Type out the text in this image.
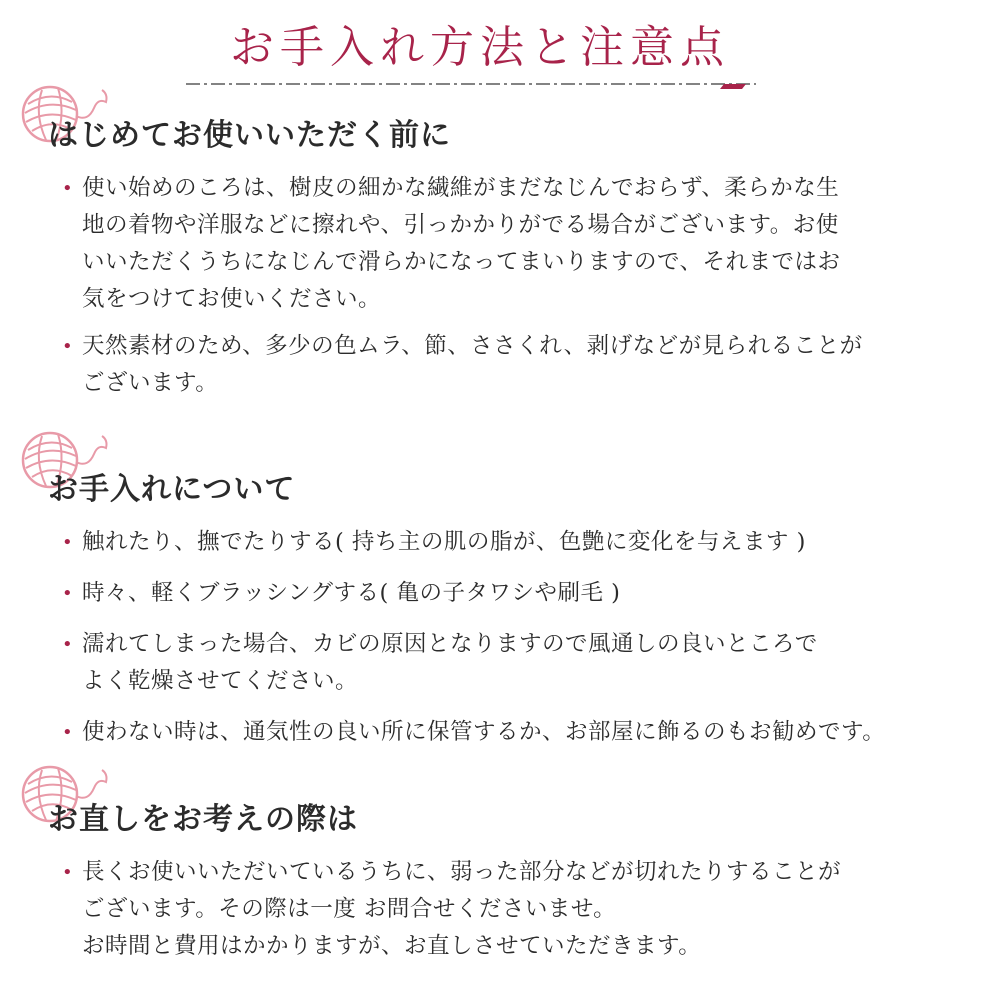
お手入れ方法と注意点
はじめてお使いいただく前に
• 使い始めのころは、樹皮の細かな繊維がまだなじんでおらず、柔らかな生
地の着物や洋服などに擦れや、引っかかりがでる場合がございます。お使
いいただくうちになじんで滑らかになってまいりますので、それまではお
気をつけてお使いください。
• 天然素材のため、多少の色ムラ、節、ささくれ、剥げなどが見られることが
ございます。
お手入れについて
• 触れたり、撫でたりする( 持ち主の肌の脂が、色艶に変化を与えます )
• 時々、軽くブラッシングする( 亀の子タワシや刷毛 )
• 濡れてしまった場合、カビの原因となりますので風通しの良いところで
よく乾燥させてください。
• 使わない時は、通気性の良い所に保管するか、お部屋に飾るのもお勧めです。
お直しをお考えの際は
• 長くお使いいただいているうちに、弱った部分などが切れたりすることが
ございます。その際は一度 お問合せくださいませ。
お時間と費用はかかりますが、お直しさせていただきます。
